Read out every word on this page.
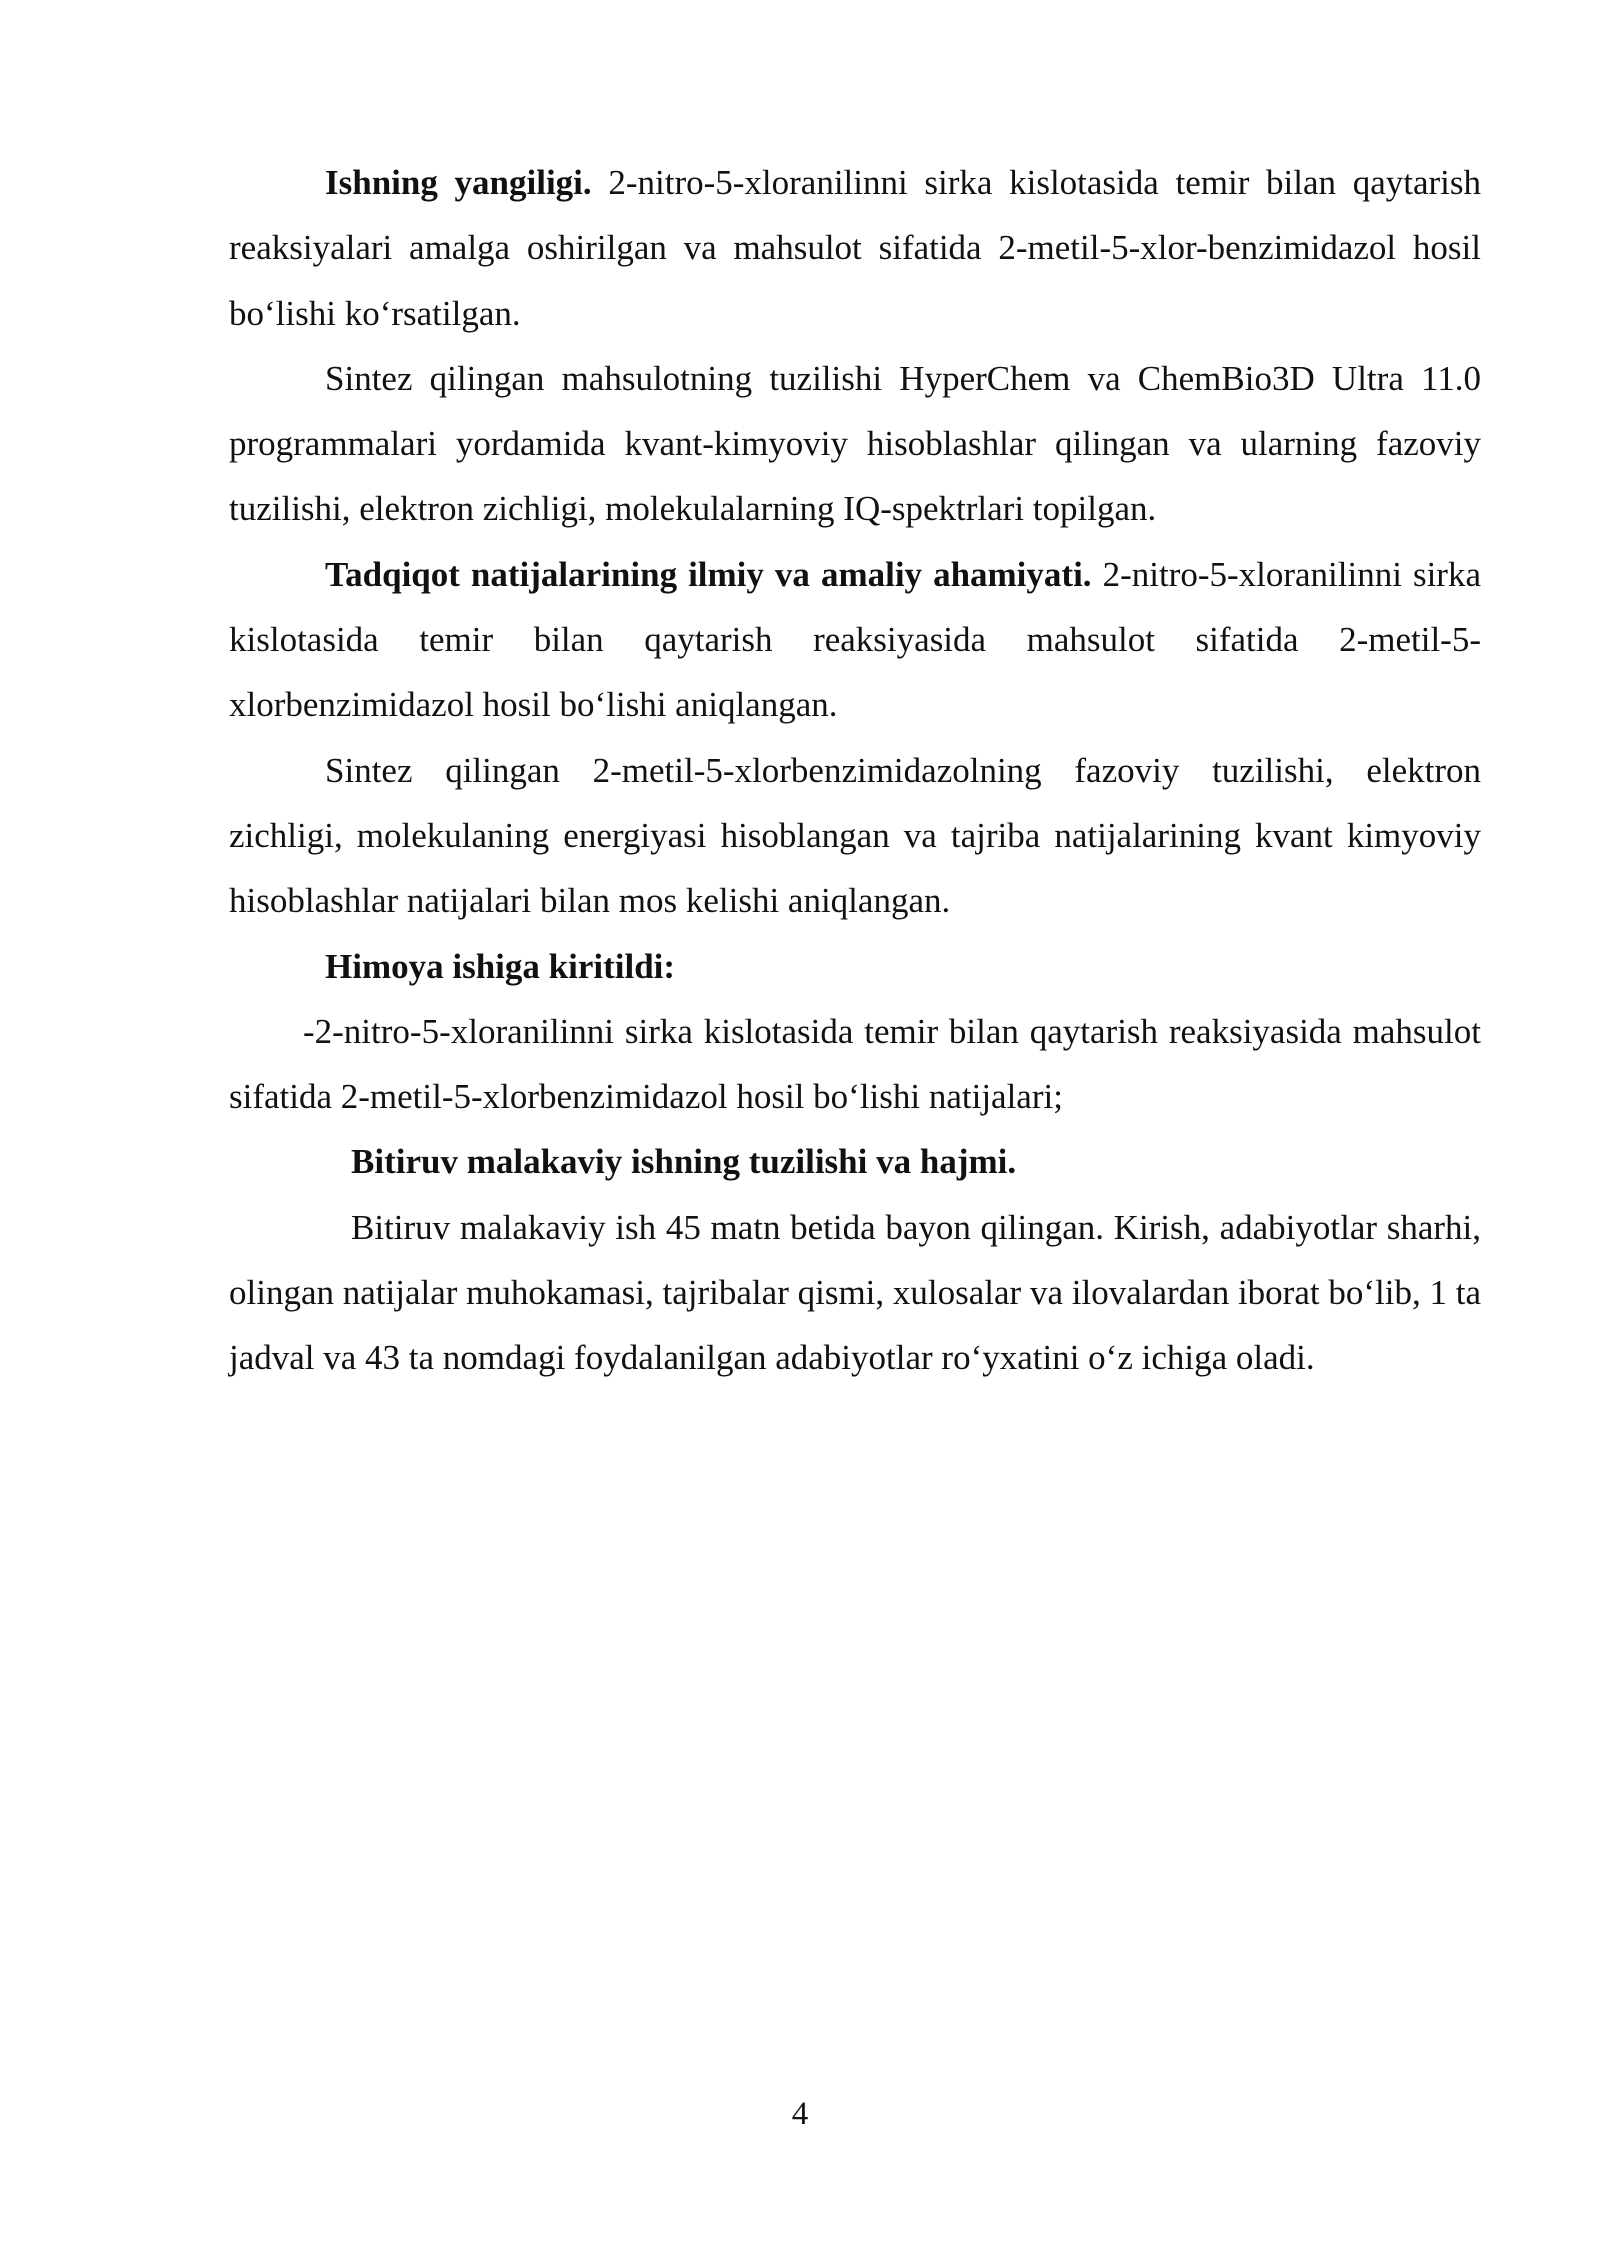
Ishning yangiligi. 2-nitro-5-xloranilinni sirka kislotasida temir bilan qaytarish reaksiyalari amalga oshirilgan va mahsulot sifatida 2-metil-5-xlor-benzimidazol hosil bo‘lishi ko‘rsatilgan.

Sintez qilingan mahsulotning tuzilishi HyperChem va ChemBio3D Ultra 11.0 programmalari yordamida kvant-kimyoviy hisoblashlar qilingan va ularning fazoviy tuzilishi, elektron zichligi, molekulalarning IQ-spektrlari topilgan.

Tadqiqot natijalarining ilmiy va amaliy ahamiyati. 2-nitro-5-xloranilinni sirka kislotasida temir bilan qaytarish reaksiyasida mahsulot sifatida 2-metil-5-xlorbenzimidazol hosil bo‘lishi aniqlangan.

Sintez qilingan 2-metil-5-xlorbenzimidazolning fazoviy tuzilishi, elektron zichligi, molekulaning energiyasi hisoblangan va tajriba natijalarining kvant kimyoviy hisoblashlar natijalari bilan mos kelishi aniqlangan.

Himoya ishiga kiritildi:

-2-nitro-5-xloranilinni sirka kislotasida temir bilan qaytarish reaksiyasida mahsulot sifatida 2-metil-5-xlorbenzimidazol hosil bo‘lishi natijalari;

Bitiruv malakaviy ishning tuzilishi va hajmi.

Bitiruv malakaviy ish 45 matn betida bayon qilingan. Kirish, adabiyotlar sharhi, olingan natijalar muhokamasi, tajribalar qismi, xulosalar va ilovalardan iborat bo‘lib, 1 ta jadval va 43 ta nomdagi foydalanilgan adabiyotlar ro‘yxatini o‘z ichiga oladi.

4
